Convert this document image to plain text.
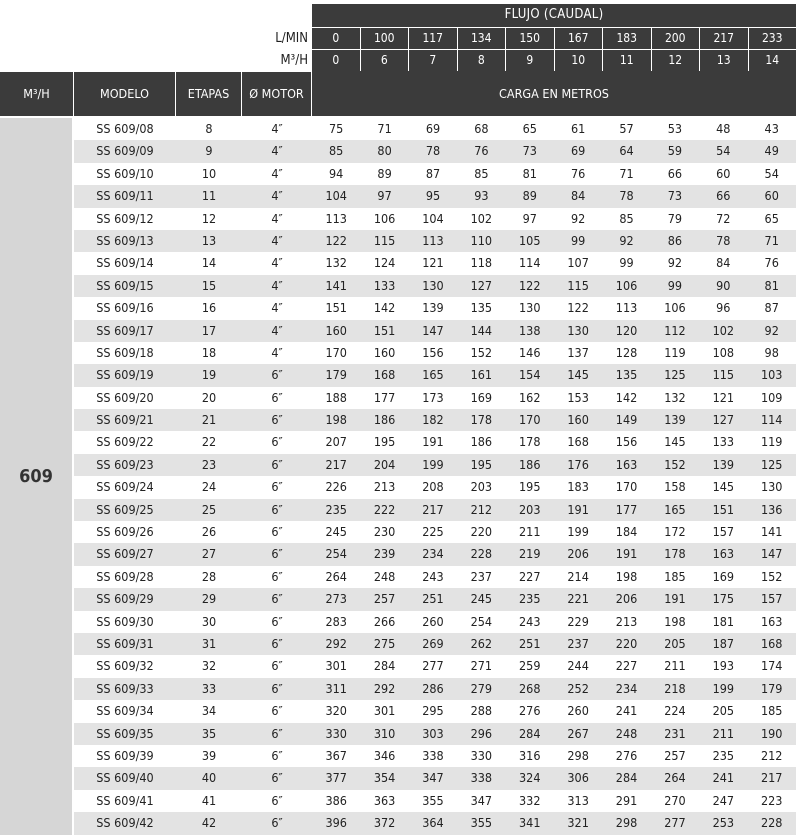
FLUJO (CAUDAL)
L/MIN
M³/H
0	100	117	134	150	167	183	200	217	233
0	6	7	8	9	10	11	12	13	14
M³/H	MODELO	ETAPAS	Ø MOTOR	CARGA EN METROS
609
SS 609/08	8	4″	75	71	69	68	65	61	57	53	48	43
SS 609/09	9	4″	85	80	78	76	73	69	64	59	54	49
SS 609/10	10	4″	94	89	87	85	81	76	71	66	60	54
SS 609/11	11	4″	104	97	95	93	89	84	78	73	66	60
SS 609/12	12	4″	113	106	104	102	97	92	85	79	72	65
SS 609/13	13	4″	122	115	113	110	105	99	92	86	78	71
SS 609/14	14	4″	132	124	121	118	114	107	99	92	84	76
SS 609/15	15	4″	141	133	130	127	122	115	106	99	90	81
SS 609/16	16	4″	151	142	139	135	130	122	113	106	96	87
SS 609/17	17	4″	160	151	147	144	138	130	120	112	102	92
SS 609/18	18	4″	170	160	156	152	146	137	128	119	108	98
SS 609/19	19	6″	179	168	165	161	154	145	135	125	115	103
SS 609/20	20	6″	188	177	173	169	162	153	142	132	121	109
SS 609/21	21	6″	198	186	182	178	170	160	149	139	127	114
SS 609/22	22	6″	207	195	191	186	178	168	156	145	133	119
SS 609/23	23	6″	217	204	199	195	186	176	163	152	139	125
SS 609/24	24	6″	226	213	208	203	195	183	170	158	145	130
SS 609/25	25	6″	235	222	217	212	203	191	177	165	151	136
SS 609/26	26	6″	245	230	225	220	211	199	184	172	157	141
SS 609/27	27	6″	254	239	234	228	219	206	191	178	163	147
SS 609/28	28	6″	264	248	243	237	227	214	198	185	169	152
SS 609/29	29	6″	273	257	251	245	235	221	206	191	175	157
SS 609/30	30	6″	283	266	260	254	243	229	213	198	181	163
SS 609/31	31	6″	292	275	269	262	251	237	220	205	187	168
SS 609/32	32	6″	301	284	277	271	259	244	227	211	193	174
SS 609/33	33	6″	311	292	286	279	268	252	234	218	199	179
SS 609/34	34	6″	320	301	295	288	276	260	241	224	205	185
SS 609/35	35	6″	330	310	303	296	284	267	248	231	211	190
SS 609/39	39	6″	367	346	338	330	316	298	276	257	235	212
SS 609/40	40	6″	377	354	347	338	324	306	284	264	241	217
SS 609/41	41	6″	386	363	355	347	332	313	291	270	247	223
SS 609/42	42	6″	396	372	364	355	341	321	298	277	253	228
